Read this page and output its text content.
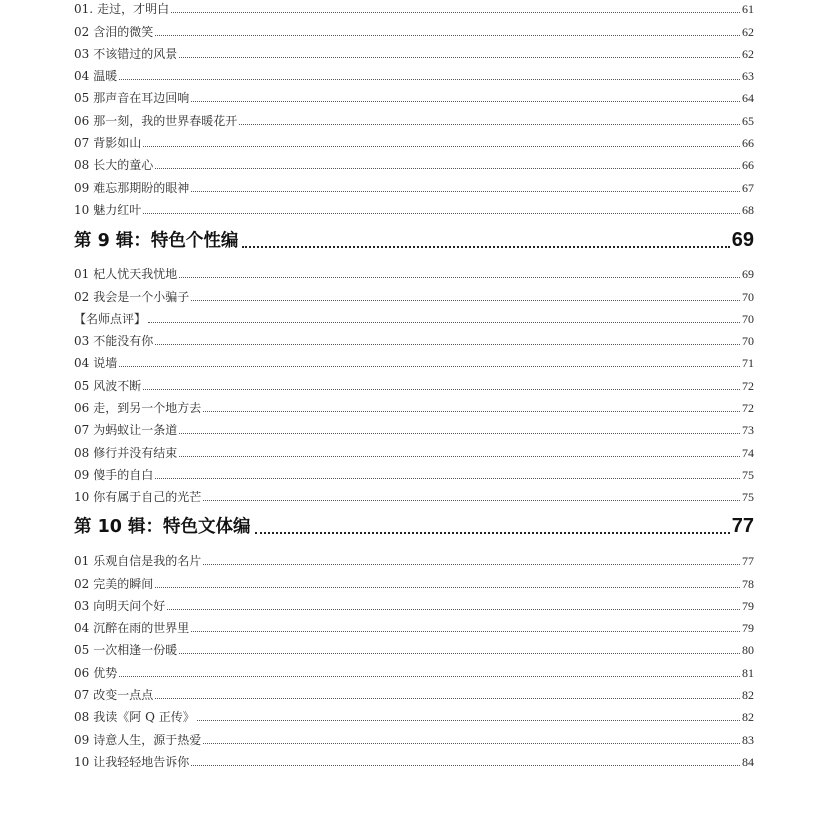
01. 走过，才明白	61
02 含泪的微笑	62
03 不该错过的风景	62
04 温暖	63
05 那声音在耳边回响	64
06 那一刻，我的世界春暖花开	65
07 背影如山	66
08 长大的童心	66
09 难忘那期盼的眼神	67
10 魅力红叶	68
第 9 辑：特色个性编	69
01 杞人忧天我忧地	69
02 我会是一个小骗子	70
【名师点评】	70
03 不能没有你	70
04 说墙	71
05 风波不断	72
06 走，到另一个地方去	72
07 为蚂蚁让一条道	73
08 修行并没有结束	74
09 傻手的自白	75
10 你有属于自己的光芒	75
第 10 辑：特色文体编	77
01 乐观自信是我的名片	77
02 完美的瞬间	78
03 向明天问个好	79
04 沉醉在雨的世界里	79
05 一次相逢一份暖	80
06 优势	81
07 改变一点点	82
08 我读《阿 Q 正传》	82
09 诗意人生，源于热爱	83
10 让我轻轻地告诉你	84
